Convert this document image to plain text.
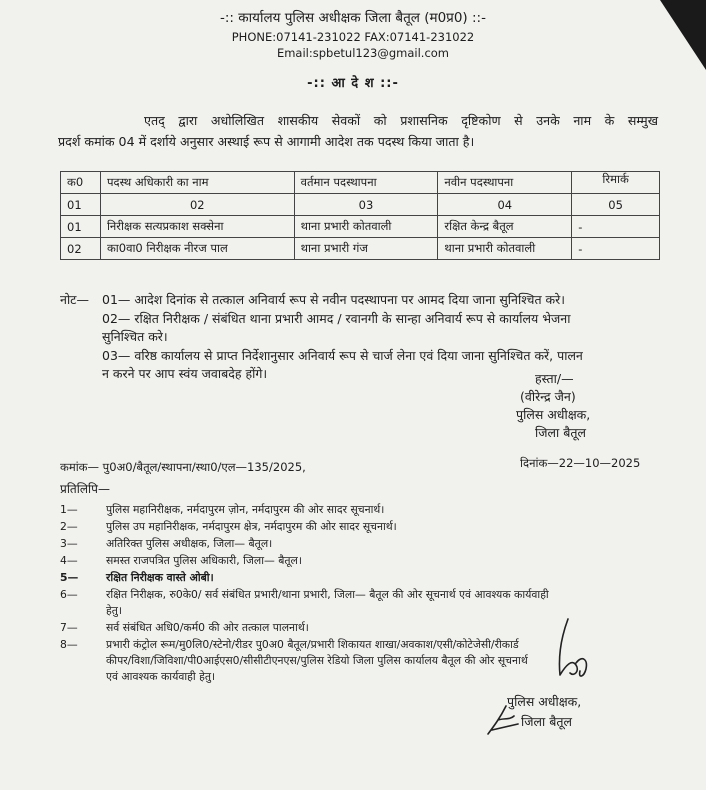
-:: कार्यालय पुलिस अधीक्षक जिला बैतूल (म0प्र0) ::-
PHONE:07141-231022 FAX:07141-231022
Email:spbetul123@gmail.com
-:: आ दे श ::-
एतद् द्वारा अधोलिखित शासकीय सेवकों को प्रशासनिक दृष्टिकोण से उनके नाम के सम्मुख
प्रदर्श कमांक 04 में दर्शाये अनुसार अस्थाई रूप से आगामी आदेश तक पदस्थ किया जाता है।
क0	पदस्थ अधिकारी का नाम	वर्तमान पदस्थापना	नवीन पदस्थापना	रिमार्क
01	02	03	04	05
01	निरीक्षक सत्यप्रकाश सक्सेना	थाना प्रभारी कोतवाली	रक्षित केन्द्र बैतूल	-
02	का0वा0 निरीक्षक नीरज पाल	थाना प्रभारी गंज	थाना प्रभारी कोतवाली	-
नोट— 01— आदेश दिनांक से तत्काल अनिवार्य रूप से नवीन पदस्थापना पर आमद दिया जाना सुनिश्चित करे।
02— रक्षित निरीक्षक / संबंधित थाना प्रभारी आमद / रवानगी के सान्हा अनिवार्य रूप से कार्यालय भेजना
सुनिश्चित करे।
03— वरिष्ठ कार्यालय से प्राप्त निर्देशानुसार अनिवार्य रूप से चार्ज लेना एवं दिया जाना सुनिश्चित करें, पालन
न करने पर आप स्वंय जवाबदेह होंगे।	हस्ता/—
(वीरेन्द्र जैन)
पुलिस अधीक्षक,
जिला बैतूल
कमांक— पु0अ0/बैतूल/स्थापना/स्था0/एल—135/2025,	दिनांक—22—10—2025
प्रतिलिपि—
1—	पुलिस महानिरीक्षक, नर्मदापुरम ज़ोन, नर्मदापुरम की ओर सादर सूचनार्थ।
2—	पुलिस उप महानिरीक्षक, नर्मदापुरम क्षेत्र, नर्मदापुरम की ओर सादर सूचनार्थ।
3—	अतिरिक्त पुलिस अधीक्षक, जिला— बैतूल।
4—	समस्त राजपत्रित पुलिस अधिकारी, जिला— बैतूल।
5—	रक्षित निरीक्षक वास्ते ओबी।
6—	रक्षित निरीक्षक, रु0के0/ सर्व संबंधित प्रभारी/थाना प्रभारी, जिला— बैतूल की ओर सूचनार्थ एवं आवश्यक कार्यवाही
हेतु।
7—	सर्व संबंधित अधि0/कर्म0 की ओर तत्काल पालनार्थ।
8—	प्रभारी कंट्रोल रूम/मु0लि0/स्टेनो/रीडर पु0अ0 बैतूल/प्रभारी शिकायत शाखा/अवकाश/एसी/कोटेजेसी/रीकार्ड
कीपर/विशा/जिविशा/पी0आईएस0/सीसीटीएनएस/पुलिस रेडियो जिला पुलिस कार्यालय बैतूल की ओर सूचनार्थ
एवं आवश्यक कार्यवाही हेतु।
पुलिस अधीक्षक,
जिला बैतूल
